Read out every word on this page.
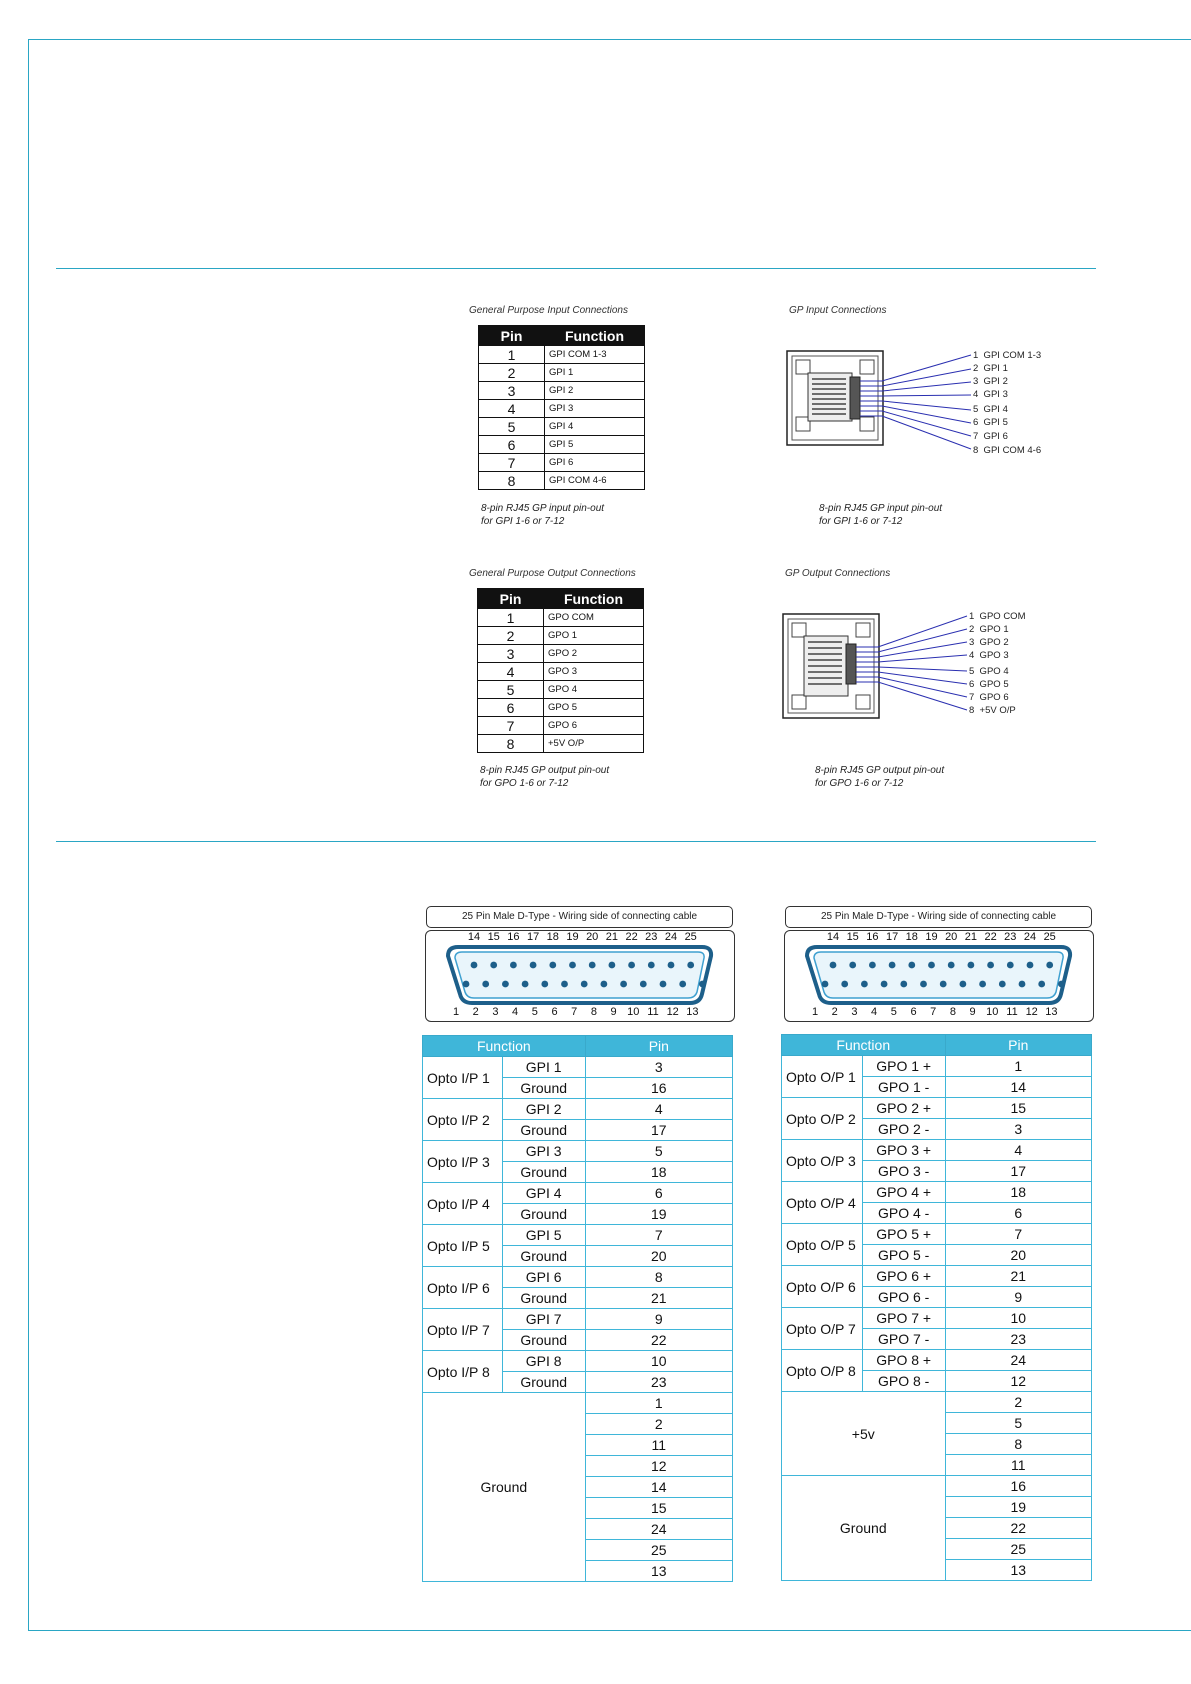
General Purpose Input Connections
Pin	Function
1	GPI COM 1-3
2	GPI 1
3	GPI 2
4	GPI 3
5	GPI 4
6	GPI 5
7	GPI 6
8	GPI COM 4-6
8-pin RJ45 GP input pin-out
for GPI 1-6 or 7-12
GP Input Connections
1  GPI COM 1-3
2  GPI 1
3  GPI 2
4  GPI 3
5  GPI 4
6  GPI 5
7  GPI 6
8  GPI COM 4-6
8-pin RJ45 GP input pin-out
for GPI 1-6 or 7-12
General Purpose Output Connections
Pin	Function
1	GPO COM
2	GPO 1
3	GPO 2
4	GPO 3
5	GPO 4
6	GPO 5
7	GPO 6
8	+5V O/P
8-pin RJ45 GP output pin-out
for GPO 1-6 or 7-12
GP Output Connections
1  GPO COM
2  GPO 1
3  GPO 2
4  GPO 3
5  GPO 4
6  GPO 5
7  GPO 6
8  +5V O/P
8-pin RJ45 GP output pin-out
for GPO 1-6 or 7-12
25 Pin Male D-Type - Wiring side of connecting cable
14 15 16 17 18 19 20 21 22 23 24 25
1	2	3	4	5	6	7	8	9 10 11 12 13
25 Pin Male D-Type - Wiring side of connecting cable
14 15 16 17 18 19 20 21 22 23 24 25
1	2	3	4	5	6	7	8	9 10 11 12 13
Function		Pin
Opto I/P 1	GPI 1	3
	Ground	16
Opto I/P 2	GPI 2	4
	Ground	17
Opto I/P 3	GPI 3	5
	Ground	18
Opto I/P 4	GPI 4	6
	Ground	19
Opto I/P 5	GPI 5	7
	Ground	20
Opto I/P 6	GPI 6	8
	Ground	21
Opto I/P 7	GPI 7	9
	Ground	22
Opto I/P 8	GPI 8	10
	Ground	23
Ground		1
		2
		11
		12
		14
		15
		24
		25
		13
Function		Pin
Opto O/P 1	GPO 1 +	1
	GPO 1 -	14
Opto O/P 2	GPO 2 +	15
	GPO 2 -	3
Opto O/P 3	GPO 3 +	4
	GPO 3 -	17
Opto O/P 4	GPO 4 +	18
	GPO 4 -	6
Opto O/P 5	GPO 5 +	7
	GPO 5 -	20
Opto O/P 6	GPO 6 +	21
	GPO 6 -	9
Opto O/P 7	GPO 7 +	10
	GPO 7 -	23
Opto O/P 8	GPO 8 +	24
	GPO 8 -	12
+5v		2
		5
		8
		11
Ground		16
		19
		22
		25
		13
